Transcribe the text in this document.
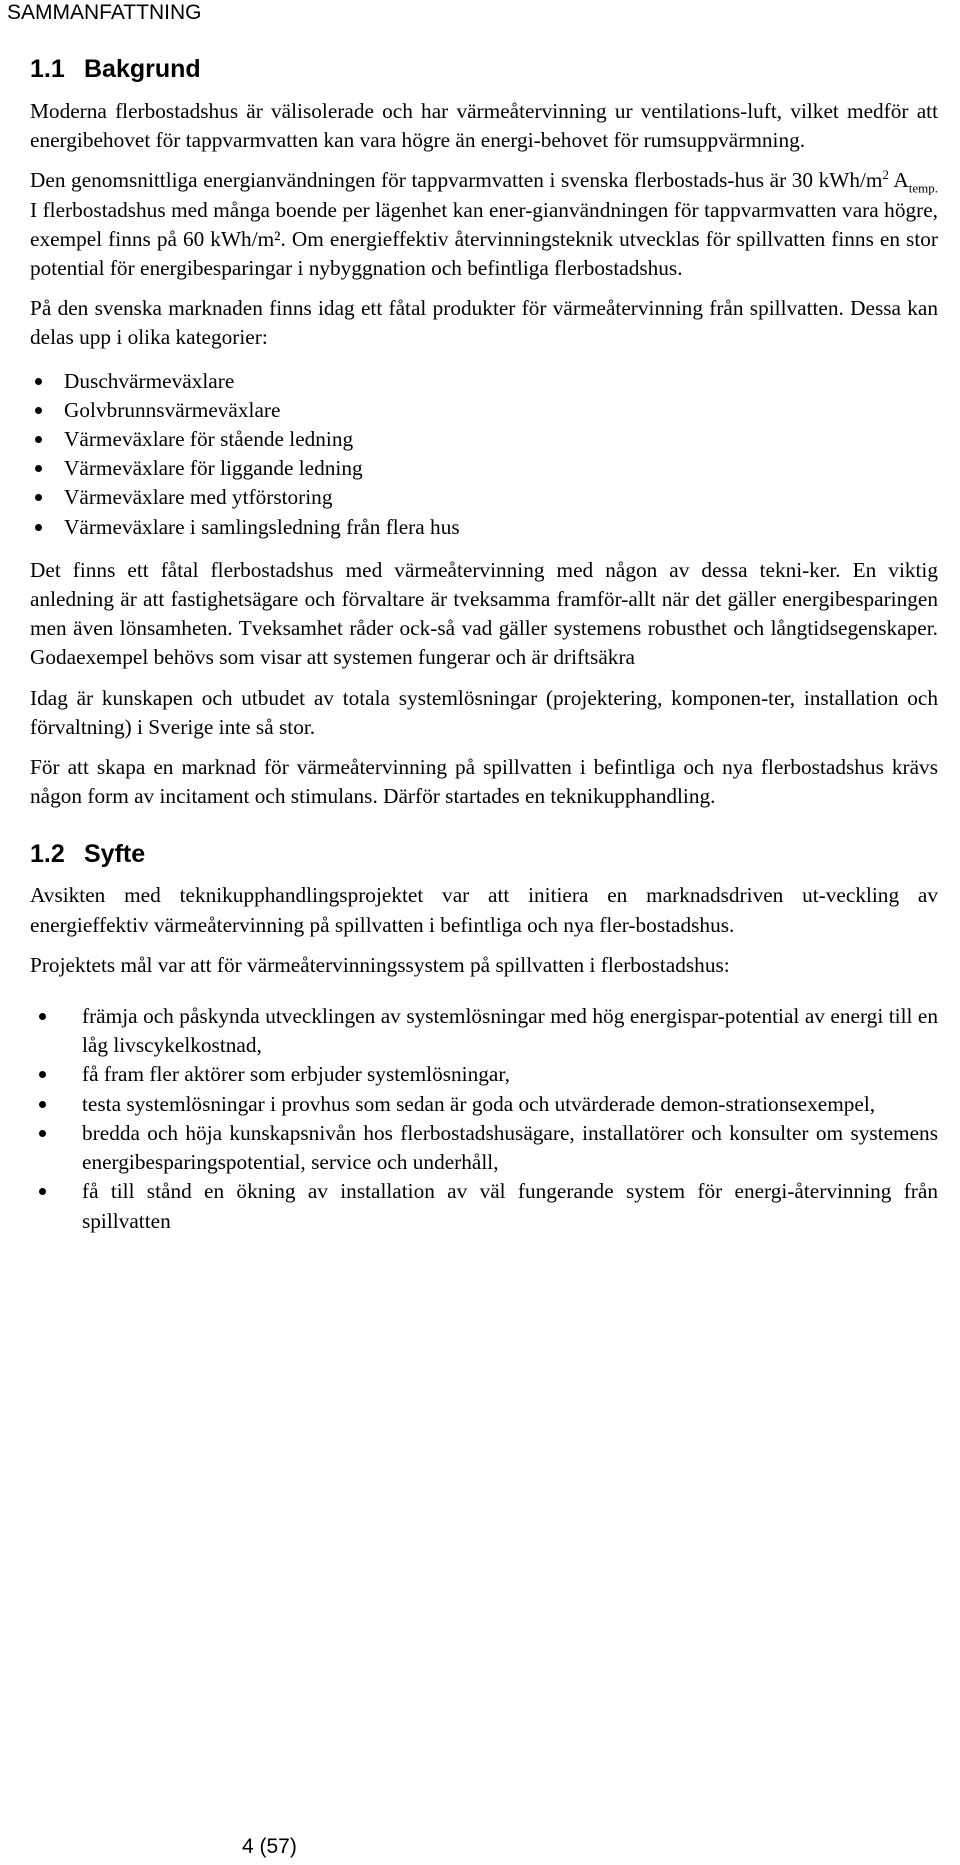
SAMMANFATTNING
1.1 Bakgrund

Moderna flerbostadshus är välisolerade och har värmeåtervinning ur ventilations-luft, vilket medför att energibehovet för tappvarmvatten kan vara högre än energi-behovet för rumsuppvärmning.

Den genomsnittliga energianvändningen för tappvarmvatten i svenska flerbostads-hus är 30 kWh/$m^2$ $A_{temp.}$ I flerbostadshus med många boende per lägenhet kan ener-gianvändningen för tappvarmvatten vara högre, exempel finns på 60 kWh/m². Om energieffektiv återvinningsteknik utvecklas för spillvatten finns en stor potential för energibesparingar i nybyggnation och befintliga flerbostadshus.

På den svenska marknaden finns idag ett fåtal produkter för värmeåtervinning från spillvatten. Dessa kan delas upp i olika kategorier:

Duschvärmeväxlare
Golvbrunnsvärmeväxlare
Värmeväxlare för stående ledning
Värmeväxlare för liggande ledning
Värmeväxlare med ytförstoring
Värmeväxlare i samlingsledning från flera hus

Det finns ett fåtal flerbostadshus med värmeåtervinning med någon av dessa tekni-ker. En viktig anledning är att fastighetsägare och förvaltare är tveksamma framför-allt när det gäller energibesparingen men även lönsamheten. Tveksamhet råder ock-så vad gäller systemens robusthet och långtidsegenskaper. Godaexempel behövs som visar att systemen fungerar och är driftsäkra

Idag är kunskapen och utbudet av totala systemlösningar (projektering, komponen-ter, installation och förvaltning) i Sverige inte så stor.

För att skapa en marknad för värmeåtervinning på spillvatten i befintliga och nya flerbostadshus krävs någon form av incitament och stimulans. Därför startades en teknikupphandling.

1.2 Syfte

Avsikten med teknikupphandlingsprojektet var att initiera en marknadsdriven ut-veckling av energieffektiv värmeåtervinning på spillvatten i befintliga och nya fler-bostadshus.

Projektets mål var att för värmeåtervinningssystem på spillvatten i flerbostadshus:

främja och påskynda utvecklingen av systemlösningar med hög energispar-potential av energi till en låg livscykelkostnad,
få fram fler aktörer som erbjuder systemlösningar,
testa systemlösningar i provhus som sedan är goda och utvärderade demon-strationsexempel,
bredda och höja kunskapsnivån hos flerbostadshusägare, installatörer och konsulter om systemens energibesparingspotential, service och underhåll,
få till stånd en ökning av installation av väl fungerande system för energi-återvinning från spillvatten
4 (57)
